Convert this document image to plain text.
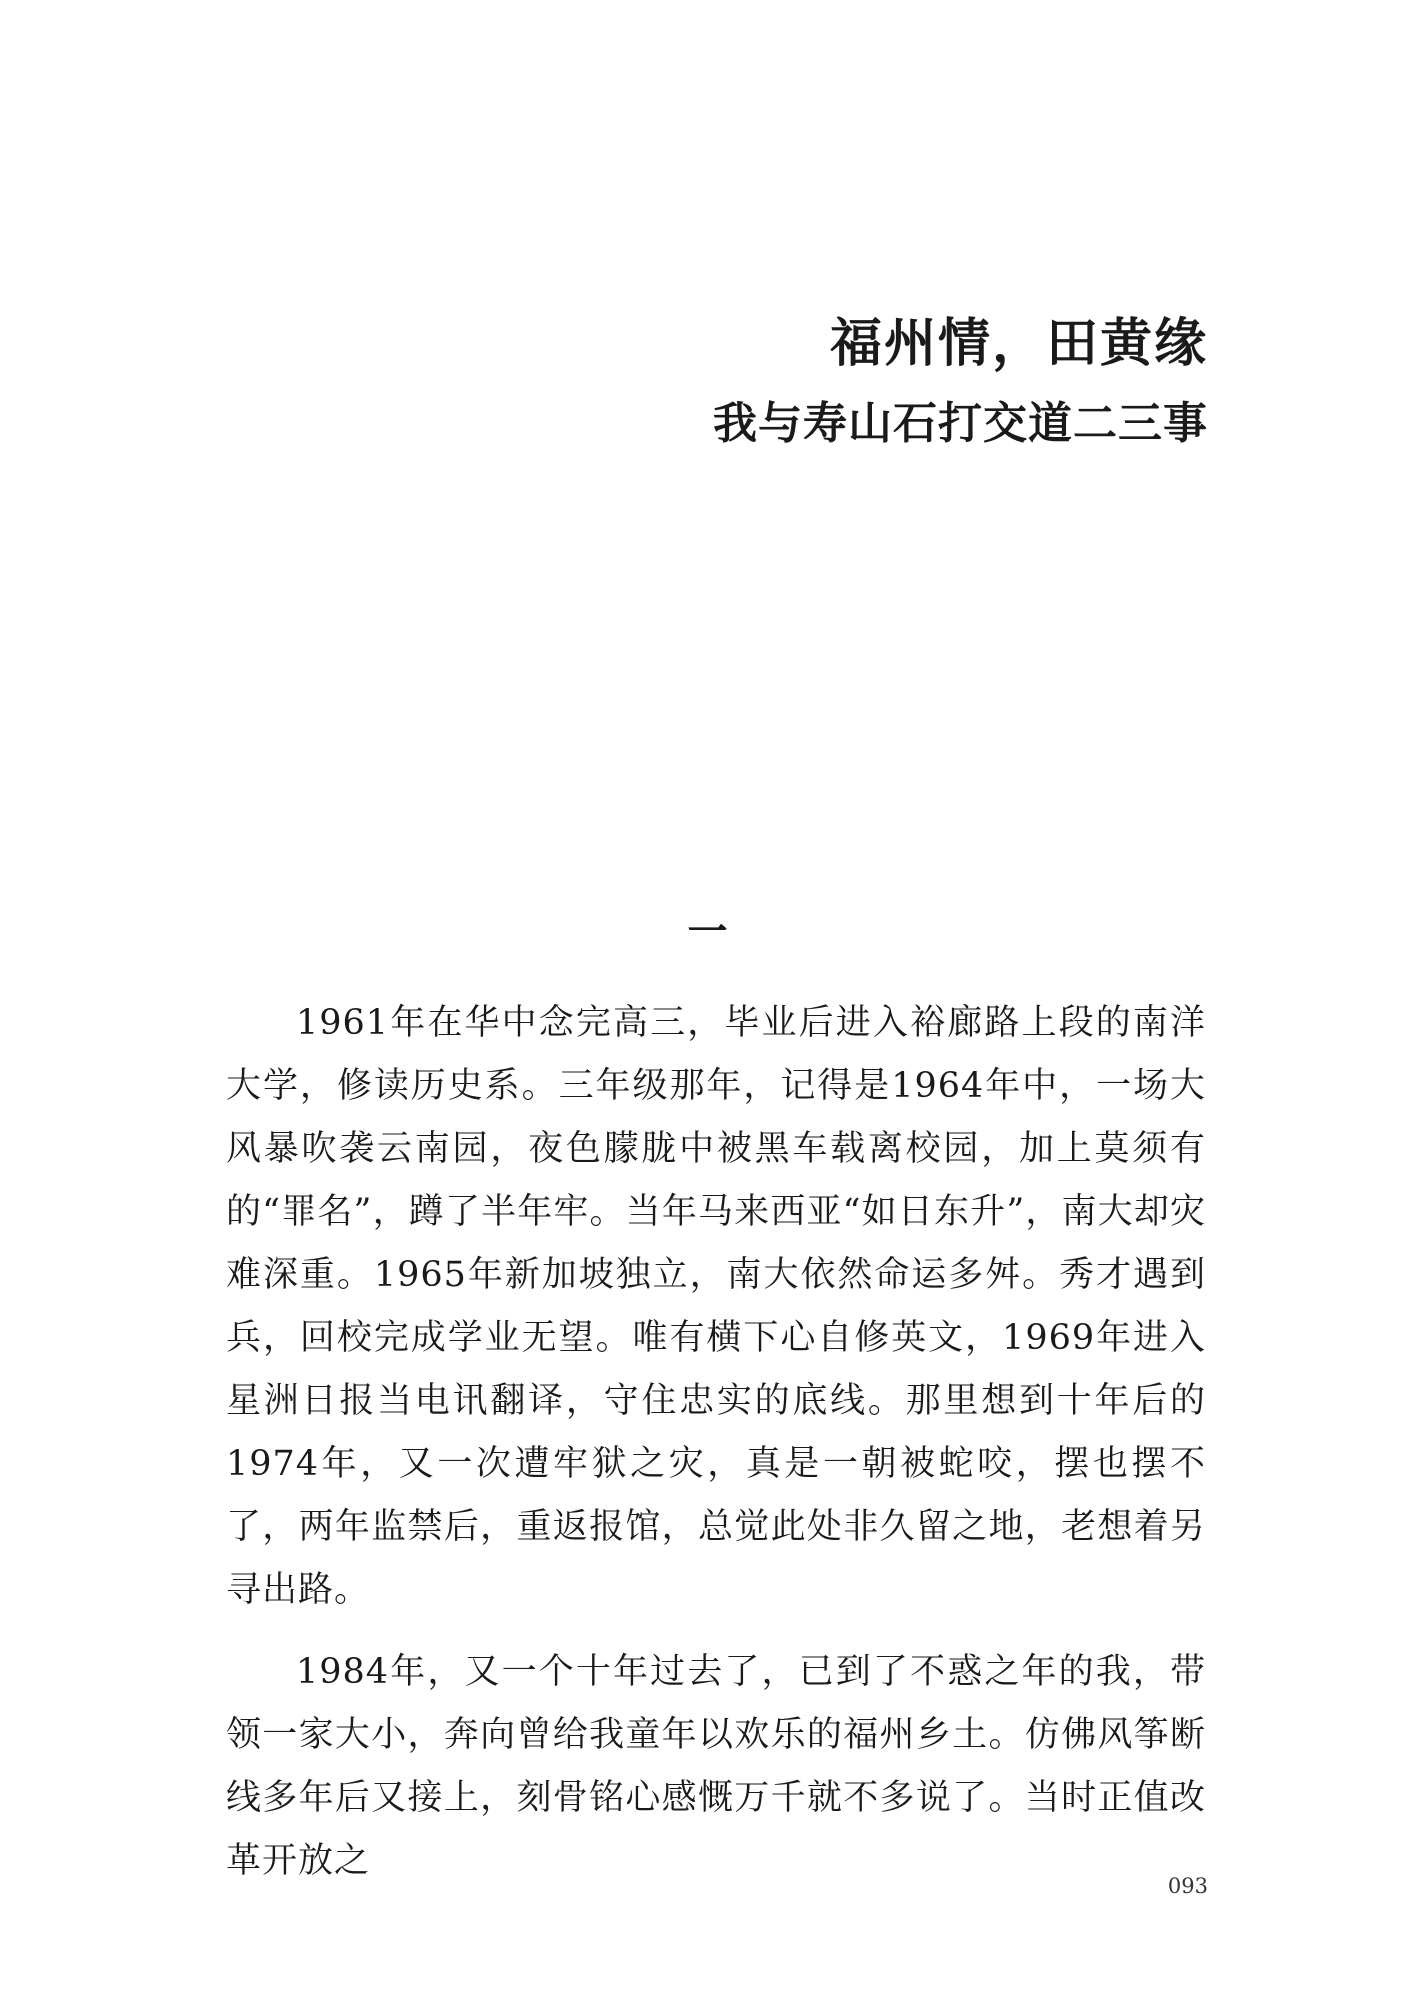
福州情，田黄缘
我与寿山石打交道二三事
一

1961年在华中念完高三，毕业后进入裕廊路上段的南洋大学，修读历史系。三年级那年，记得是1964年中，一场大风暴吹袭云南园，夜色朦胧中被黑车载离校园，加上莫须有的“罪名”，蹲了半年牢。当年马来西亚“如日东升”，南大却灾难深重。1965年新加坡独立，南大依然命运多舛。秀才遇到兵，回校完成学业无望。唯有横下心自修英文，1969年进入星洲日报当电讯翻译，守住忠实的底线。那里想到十年后的1974年，又一次遭牢狱之灾，真是一朝被蛇咬，摆也摆不了，两年监禁后，重返报馆，总觉此处非久留之地，老想着另寻出路。

1984年，又一个十年过去了，已到了不惑之年的我，带领一家大小，奔向曾给我童年以欢乐的福州乡土。仿佛风筝断线多年后又接上，刻骨铭心感慨万千就不多说了。当时正值改革开放之

093
